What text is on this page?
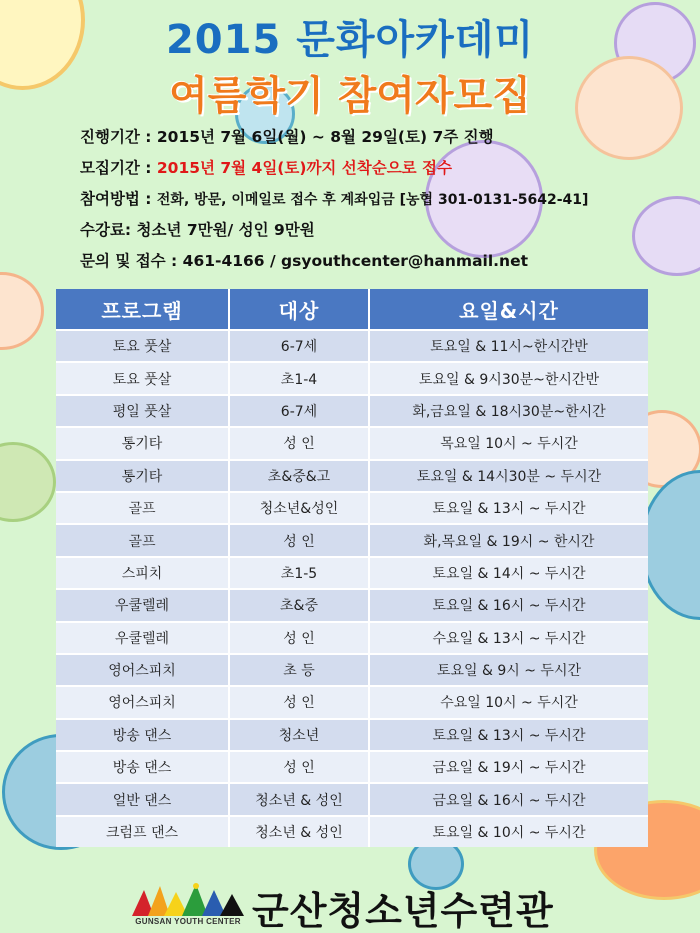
2015 문화아카데미
여름학기 참여자모집
진행기간 : 2015년 7월 6일(월) ~ 8월 29일(토) 7주 진행
모집기간 : 2015년 7월 4일(토)까지 선착순으로 접수
참여방법 : 전화, 방문, 이메일로 접수 후 계좌입금 [농협 301-0131-5642-41]
수강료: 청소년 7만원/ 성인 9만원
문의 및 접수 : 461-4166 / gsyouthcenter@hanmail.net
프로그램	대상	요일&시간
토요 풋살	6-7세	토요일 & 11시~한시간반
토요 풋살	초1-4	토요일 & 9시30분~한시간반
평일 풋살	6-7세	화,금요일 & 18시30분~한시간
통기타	성 인	목요일 10시 ~ 두시간
통기타	초&중&고	토요일 & 14시30분 ~ 두시간
골프	청소년&성인	토요일 & 13시 ~ 두시간
골프	성 인	화,목요일 & 19시 ~ 한시간
스피치	초1-5	토요일 & 14시 ~ 두시간
우쿨렐레	초&중	토요일 & 16시 ~ 두시간
우쿨렐레	성 인	수요일 & 13시 ~ 두시간
영어스피치	초 등	토요일 & 9시 ~ 두시간
영어스피치	성 인	수요일 10시 ~ 두시간
방송 댄스	청소년	토요일 & 13시 ~ 두시간
방송 댄스	성 인	금요일 & 19시 ~ 두시간
얼반 댄스	청소년 & 성인	금요일 & 16시 ~ 두시간
크럼프 댄스	청소년 & 성인	토요일 & 10시 ~ 두시간
GUNSAN YOUTH CENTER 군산청소년수련관
